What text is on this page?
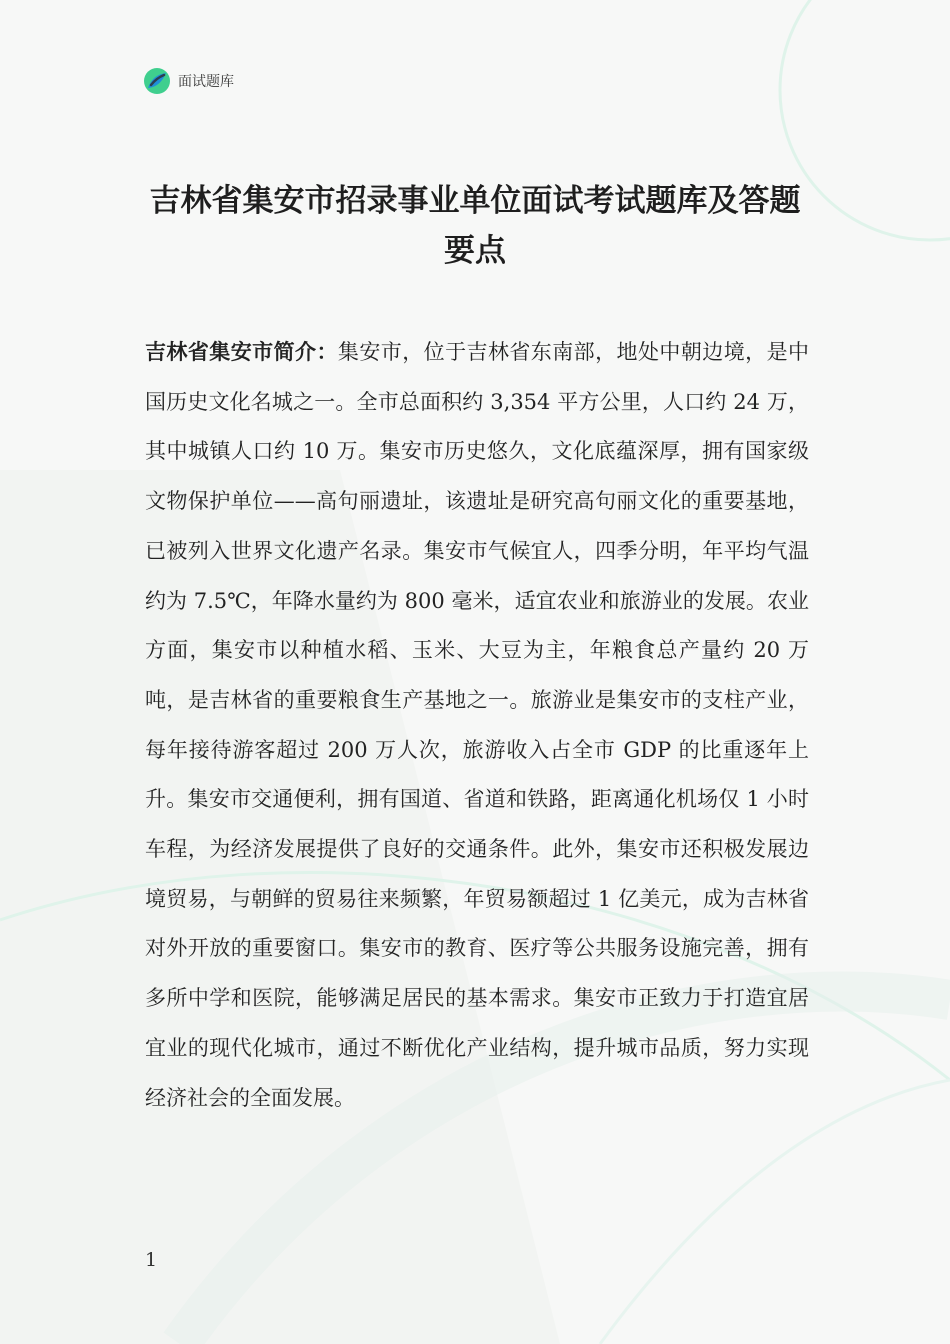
面试题库
吉林省集安市招录事业单位面试考试题库及答题要点

吉林省集安市简介：集安市，位于吉林省东南部，地处中朝边境，是中国历史文化名城之一。全市总面积约 3,354 平方公里，人口约 24 万，其中城镇人口约 10 万。集安市历史悠久，文化底蕴深厚，拥有国家级文物保护单位——高句丽遗址，该遗址是研究高句丽文化的重要基地，已被列入世界文化遗产名录。集安市气候宜人，四季分明，年平均气温约为 7.5℃，年降水量约为 800 毫米，适宜农业和旅游业的发展。农业方面，集安市以种植水稻、玉米、大豆为主，年粮食总产量约 20 万吨，是吉林省的重要粮食生产基地之一。旅游业是集安市的支柱产业，每年接待游客超过 200 万人次，旅游收入占全市 GDP 的比重逐年上升。集安市交通便利，拥有国道、省道和铁路，距离通化机场仅 1 小时车程，为经济发展提供了良好的交通条件。此外，集安市还积极发展边境贸易，与朝鲜的贸易往来频繁，年贸易额超过 1 亿美元，成为吉林省对外开放的重要窗口。集安市的教育、医疗等公共服务设施完善，拥有多所中学和医院，能够满足居民的基本需求。集安市正致力于打造宜居宜业的现代化城市，通过不断优化产业结构，提升城市品质，努力实现经济社会的全面发展。

1
